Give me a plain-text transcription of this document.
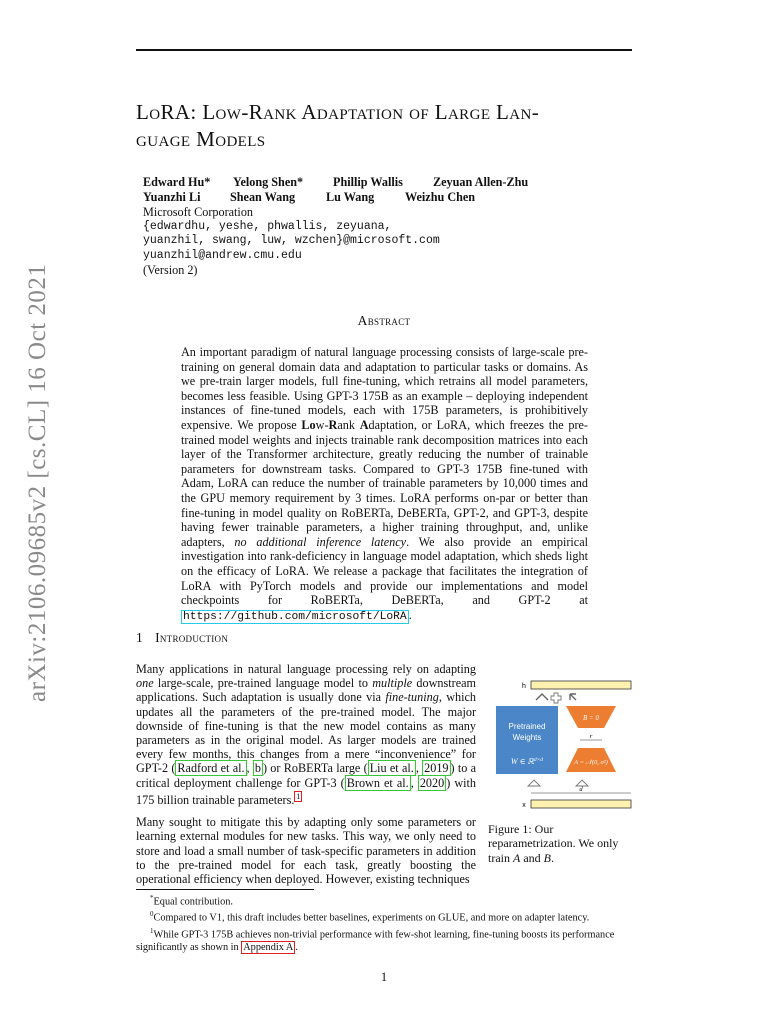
arXiv:2106.09685v2 [cs.CL] 16 Oct 2021
LoRA: Low-Rank Adaptation of Large Lan-
guage Models
Edward Hu* Yelong Shen* Phillip Wallis Zeyuan Allen-Zhu
Yuanzhi Li Shean Wang	Lu Wang	Weizhu Chen
Microsoft Corporation
{edwardhu, yeshe, phwallis, zeyuana,
yuanzhil, swang, luw, wzchen}@microsoft.com
yuanzhil@andrew.cmu.edu
(Version 2)
Abstract
An important paradigm of natural language processing consists of large-scale pre-training on general domain data and adaptation to particular tasks or domains. As we pre-train larger models, full fine-tuning, which retrains all model parameters, becomes less feasible. Using GPT-3 175B as an example – deploying independent instances of fine-tuned models, each with 175B parameters, is prohibitively expensive. We propose Low-Rank Adaptation, or LoRA, which freezes the pre-trained model weights and injects trainable rank decomposition matrices into each layer of the Transformer architecture, greatly reducing the number of trainable parameters for downstream tasks. Compared to GPT-3 175B fine-tuned with Adam, LoRA can reduce the number of trainable parameters by 10,000 times and the GPU memory requirement by 3 times. LoRA performs on-par or better than fine-tuning in model quality on RoBERTa, DeBERTa, GPT-2, and GPT-3, despite having fewer trainable parameters, a higher training throughput, and, unlike adapters, no additional inference latency. We also provide an empirical investigation into rank-deficiency in language model adaptation, which sheds light on the efficacy of LoRA. We release a package that facilitates the integration of LoRA with PyTorch models and provide our implementations and model checkpoints for RoBERTa, DeBERTa, and GPT-2 at https://github.com/microsoft/LoRA .
1 Introduction

Many applications in natural language processing rely on adapting one large-scale, pre-trained language model to multiple downstream applications. Such adaptation is usually done via fine-tuning, which updates all the parameters of the pre-trained model. The major downside of fine-tuning is that the new model contains as many parameters as in the original model. As larger models are trained every few months, this changes from a mere “inconvenience” for GPT-2 ( Radford et al. , b ) or RoBERTa large ( Liu et al. , 2019 ) to a critical deployment challenge for GPT-3 ( Brown et al. , 2020 ) with 175 billion trainable parameters. $^1$

Many sought to mitigate this by adapting only some parameters or learning external modules for new tasks. This way, we only need to store and load a small number of task-specific parameters in addition to the pre-trained model for each task, greatly boosting the operational efficiency when deployed. However, existing techniques

h
Pretrained
Weights
W ∈ ℝ$^{d\times d}$
B = 0
r
A = 𝒩(0, σ²)
d
x
Figure 1: Our reparametrization. We only train A and B.
*Equal contribution.
$^0$Compared to V1, this draft includes better baselines, experiments on GLUE, and more on adapter latency.
$^1$While GPT-3 175B achieves non-trivial performance with few-shot learning, fine-tuning boosts its performance significantly as shown in Appendix A .
1
